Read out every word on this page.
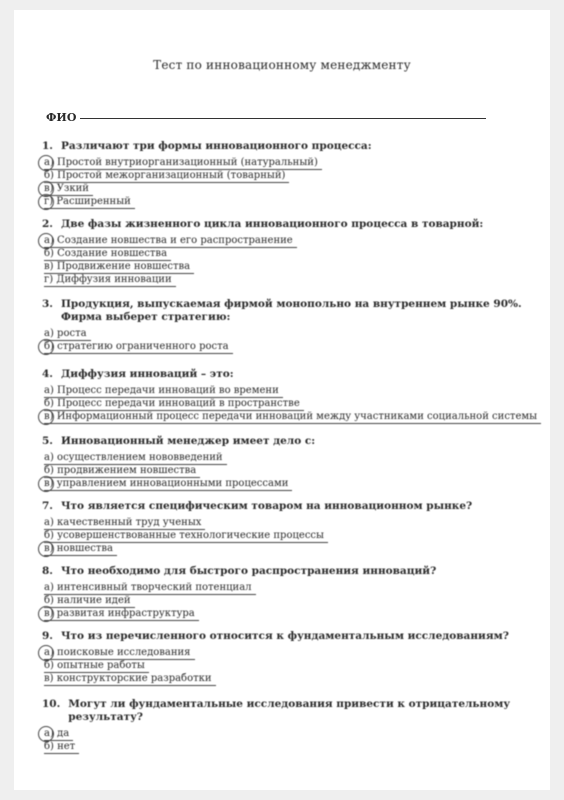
Тест по инновационному менеджменту
ФИО
1. Различают три формы инновационного процесса:
а) Простой внутриорганизационный (натуральный)
б) Простой межорганизационный (товарный)
в) Узкий
г) Расширенный
2. Две фазы жизненного цикла инновационного процесса в товарной:
а) Создание новшества и его распространение
б) Создание новшества
в) Продвижение новшества
г) Диффузия инновации
3. Продукция, выпускаемая фирмой монопольно на внутреннем рынке 90%. Фирма выберет стратегию:
а) роста
б) стратегию ограниченного роста
4. Диффузия инноваций – это:
а) Процесс передачи инноваций во времени
б) Процесс передачи инноваций в пространстве
в) Информационный процесс передачи инноваций между участниками социальной системы
5. Инновационный менеджер имеет дело с:
а) осуществлением нововведений
б) продвижением новшества
в) управлением инновационными процессами
7. Что является специфическим товаром на инновационном рынке?
а) качественный труд ученых
б) усовершенствованные технологические процессы
в) новшества
8. Что необходимо для быстрого распространения инноваций?
а) интенсивный творческий потенциал
б) наличие идей
в) развитая инфраструктура
9. Что из перечисленного относится к фундаментальным исследованиям?
а) поисковые исследования
б) опытные работы
в) конструкторские разработки
10. Могут ли фундаментальные исследования привести к отрицательному результату?
а) да
б) нет
